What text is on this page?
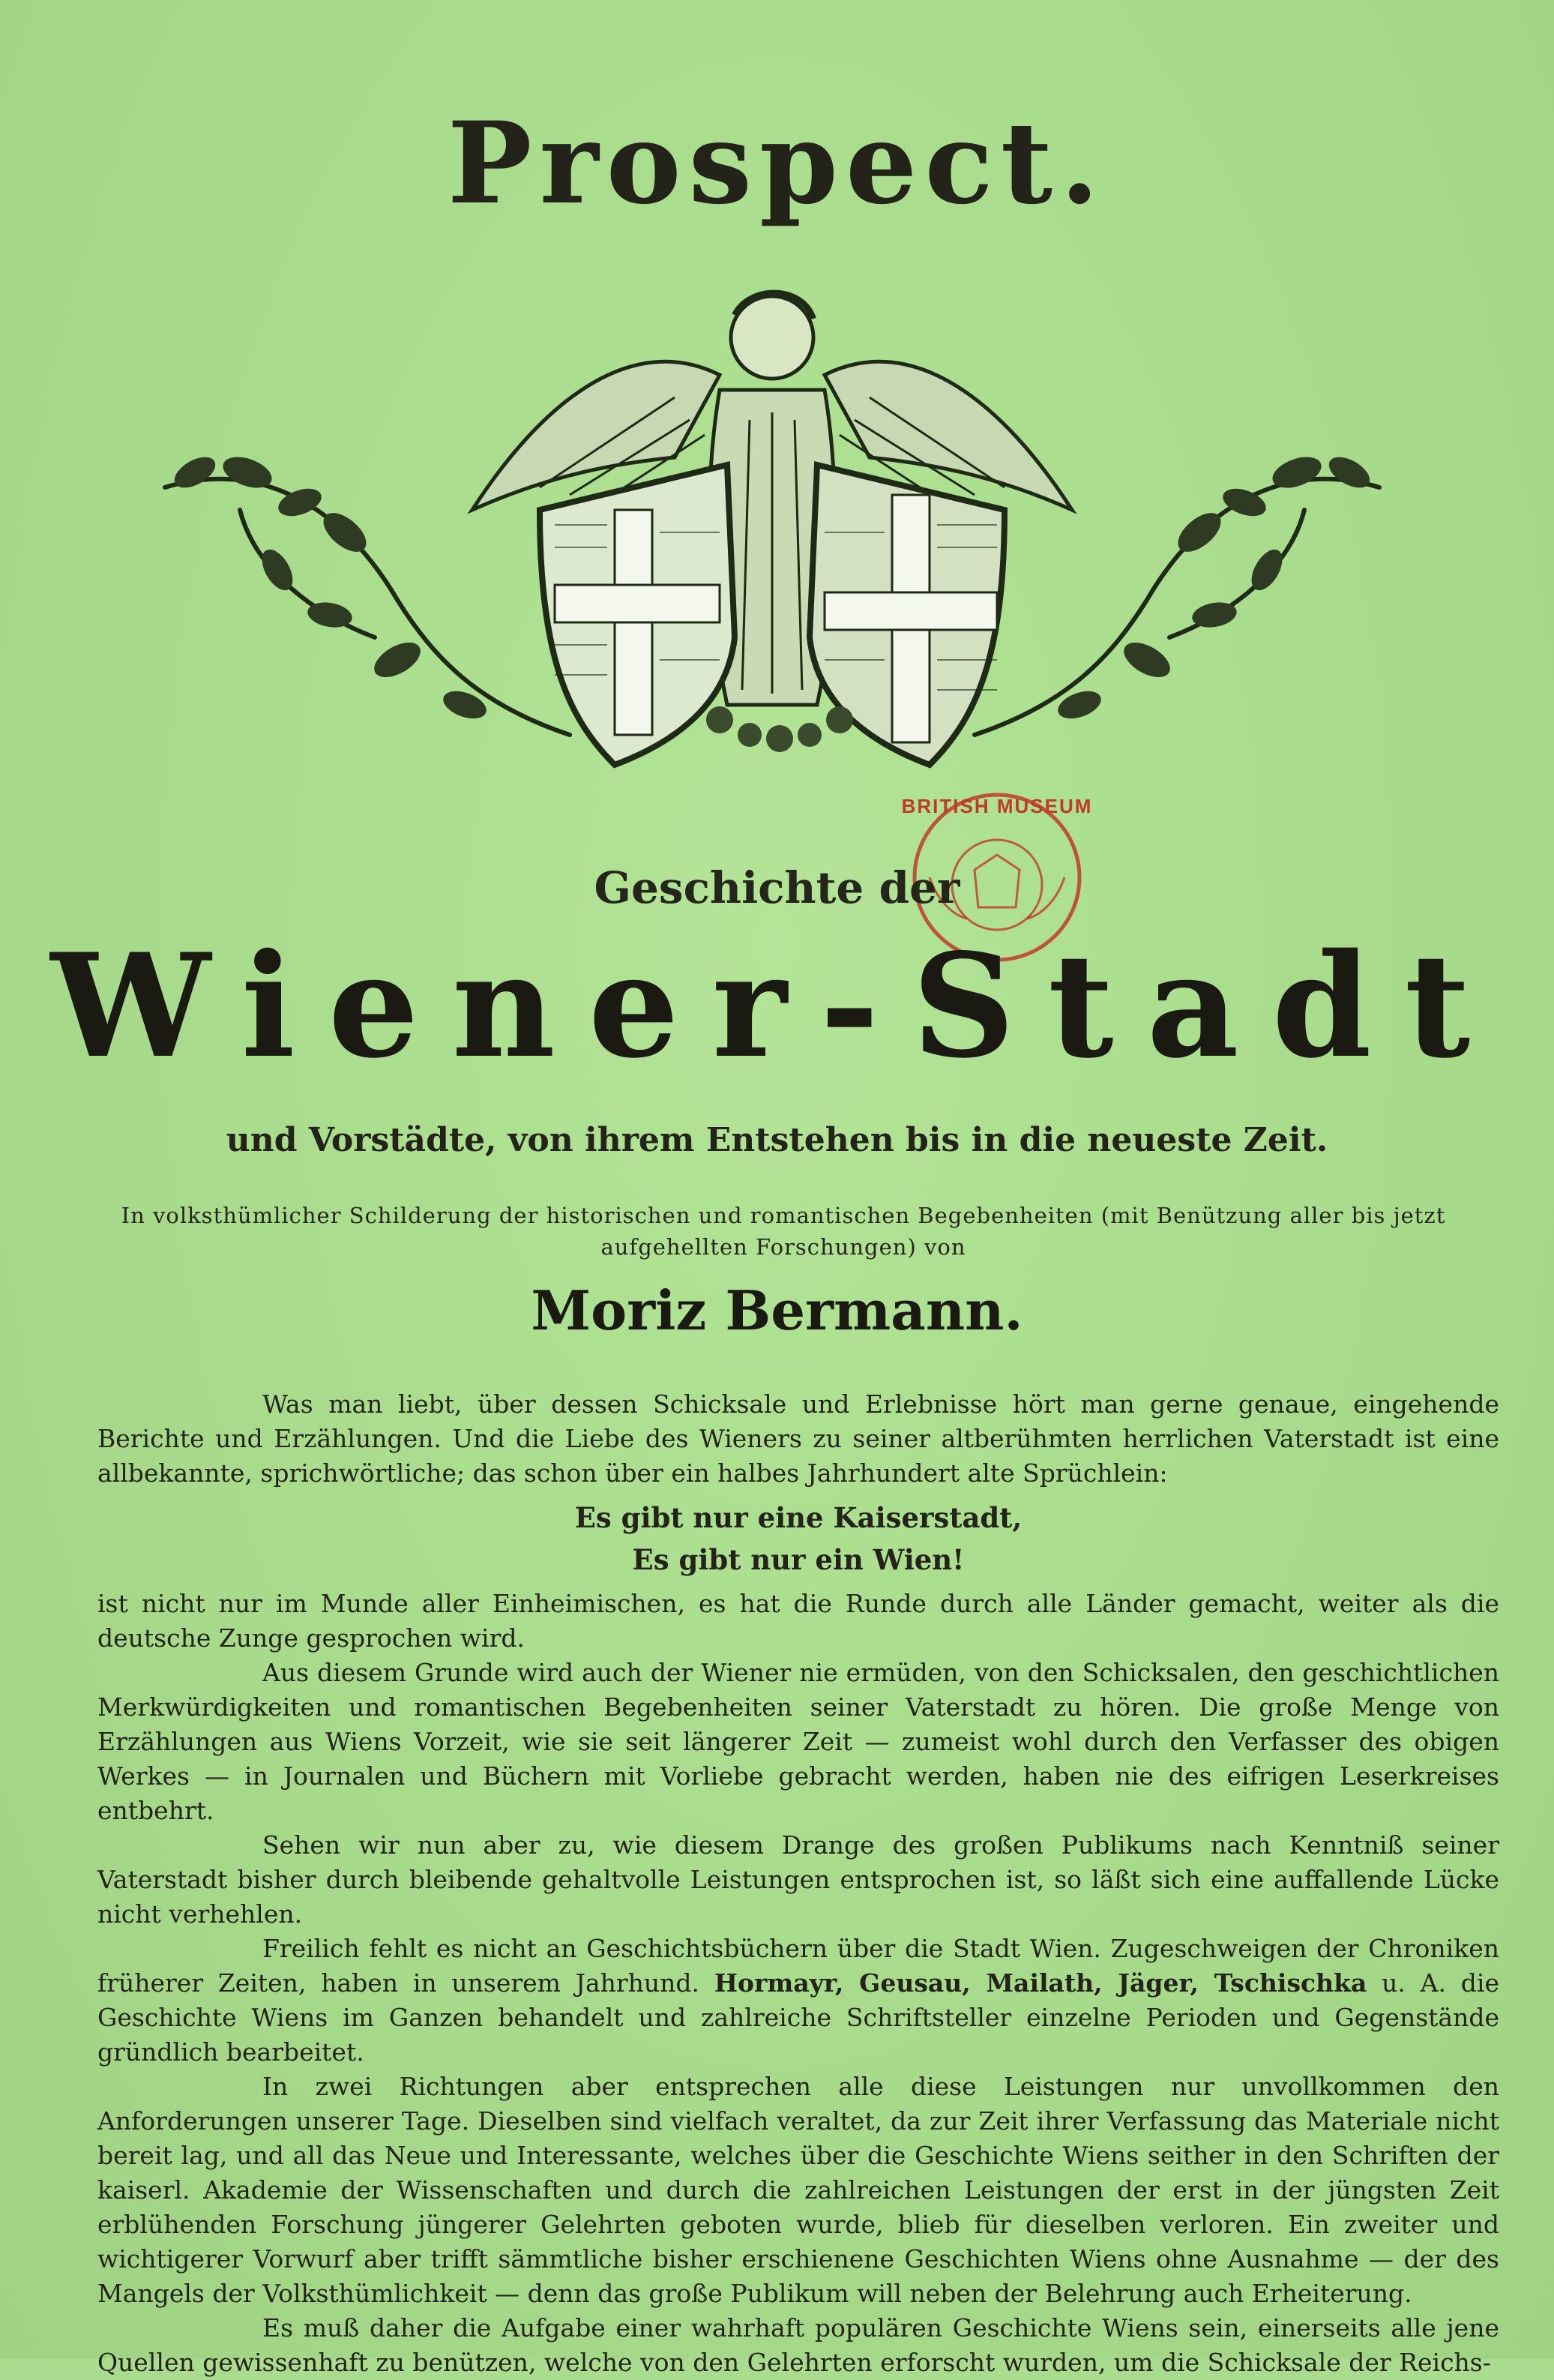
Prospect.
BRITISH MUSEUM
Geschichte der
Wiener-Stadt
und Vorstädte, von ihrem Entstehen bis in die neueste Zeit.
In volksthümlicher Schilderung der historischen und romantischen Begebenheiten (mit Benützung aller bis jetzt aufgehellten Forschungen) von
Moriz Bermann.

Was man liebt, über dessen Schicksale und Erlebnisse hört man gerne genaue, eingehende Berichte und Erzählungen. Und die Liebe des Wieners zu seiner altberühmten herrlichen Vaterstadt ist eine allbekannte, sprichwörtliche; das schon über ein halbes Jahrhundert alte Sprüchlein:

Es gibt nur eine Kaiserstadt,
Es gibt nur ein Wien!

ist nicht nur im Munde aller Einheimischen, es hat die Runde durch alle Länder gemacht, weiter als die deutsche Zunge gesprochen wird.

Aus diesem Grunde wird auch der Wiener nie ermüden, von den Schicksalen, den geschichtlichen Merkwürdigkeiten und romantischen Begebenheiten seiner Vaterstadt zu hören. Die große Menge von Erzählungen aus Wiens Vorzeit, wie sie seit längerer Zeit — zumeist wohl durch den Verfasser des obigen Werkes — in Journalen und Büchern mit Vorliebe gebracht werden, haben nie des eifrigen Leserkreises entbehrt.

Sehen wir nun aber zu, wie diesem Drange des großen Publikums nach Kenntniß seiner Vaterstadt bisher durch bleibende gehaltvolle Leistungen entsprochen ist, so läßt sich eine auffallende Lücke nicht verhehlen.

Freilich fehlt es nicht an Geschichtsbüchern über die Stadt Wien. Zugeschweigen der Chroniken früherer Zeiten, haben in unserem Jahrhund. Hormayr, Geusau, Mailath, Jäger, Tschischka u. A. die Geschichte Wiens im Ganzen behandelt und zahlreiche Schriftsteller einzelne Perioden und Gegenstände gründlich bearbeitet.

In zwei Richtungen aber entsprechen alle diese Leistungen nur unvollkommen den Anforderungen unserer Tage. Dieselben sind vielfach veraltet, da zur Zeit ihrer Verfassung das Materiale nicht bereit lag, und all das Neue und Interessante, welches über die Geschichte Wiens seither in den Schriften der kaiserl. Akademie der Wissenschaften und durch die zahlreichen Leistungen der erst in der jüngsten Zeit erblühenden Forschung jüngerer Gelehrten geboten wurde, blieb für dieselben verloren. Ein zweiter und wichtigerer Vorwurf aber trifft sämmtliche bisher erschienene Geschichten Wiens ohne Ausnahme — der des Mangels der Volksthümlichkeit — denn das große Publikum will neben der Belehrung auch Erheiterung.

Es muß daher die Aufgabe einer wahrhaft populären Geschichte Wiens sein, einerseits alle jene Quellen gewissenhaft zu benützen, welche von den Gelehrten erforscht wurden, um die Schicksale der Reichs-
